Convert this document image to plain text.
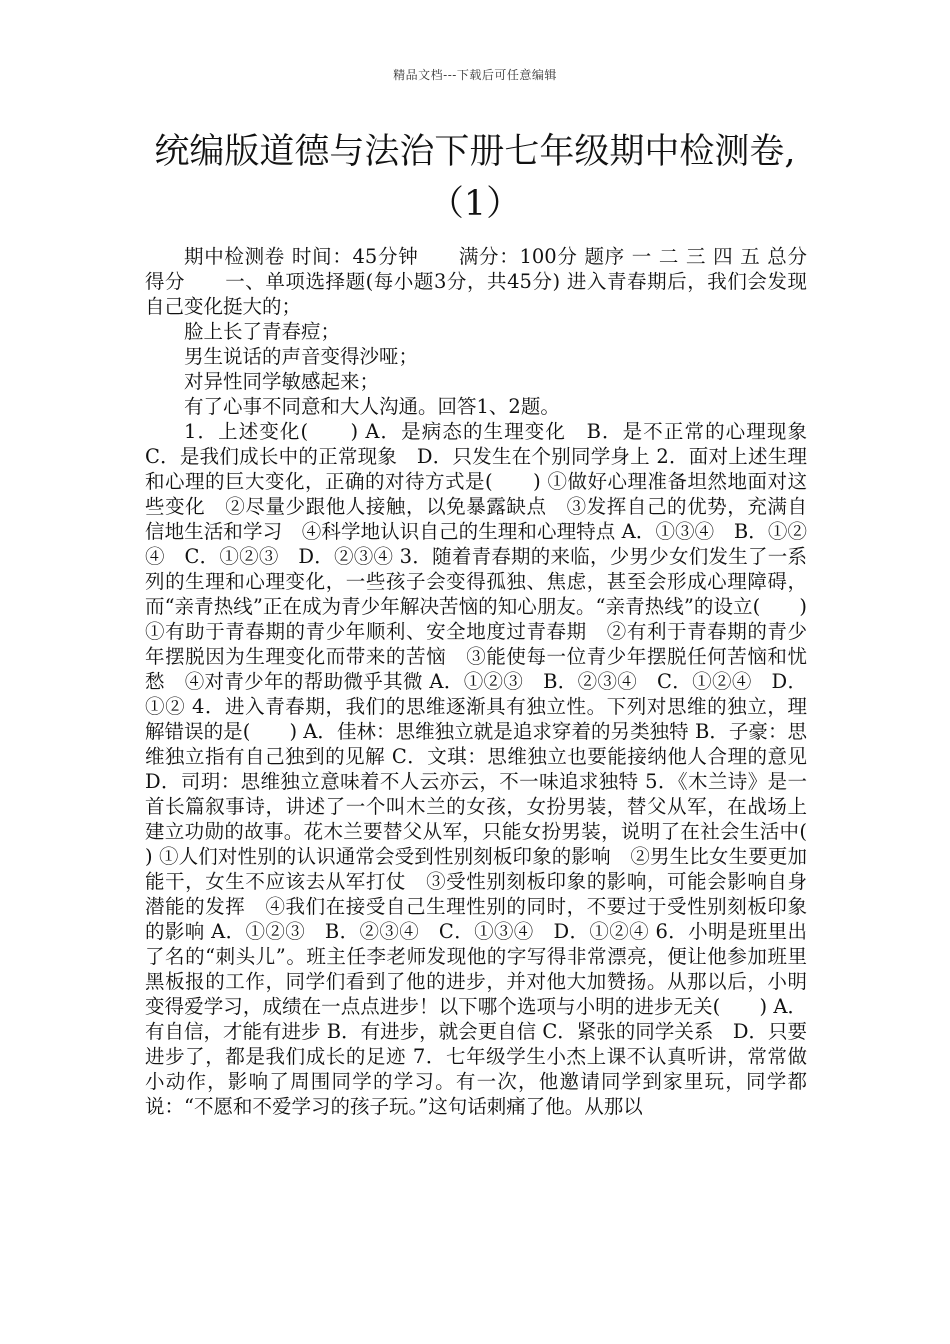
精品文档---下载后可任意编辑
统编版道德与法治下册七年级期中检测卷,（1）

期中检测卷 时间：45分钟　　满分：100分 题序 一 二 三 四 五 总分 得分　　一、单项选择题(每小题3分，共45分) 进入青春期后，我们会发现自己变化挺大的；

脸上长了青春痘；

男生说话的声音变得沙哑；

对异性同学敏感起来；

有了心事不同意和大人沟通。回答1、2题。

1．上述变化(　　) A．是病态的生理变化　B．是不正常的心理现象 C．是我们成长中的正常现象　D．只发生在个别同学身上 2．面对上述生理和心理的巨大变化，正确的对待方式是(　　) ①做好心理准备坦然地面对这些变化　②尽量少跟他人接触，以免暴露缺点　③发挥自己的优势，充满自信地生活和学习　④科学地认识自己的生理和心理特点 A．①③④　B．①②④　C．①②③　D．②③④ 3．随着青春期的来临，少男少女们发生了一系列的生理和心理变化，一些孩子会变得孤独、焦虑，甚至会形成心理障碍，而“亲青热线”正在成为青少年解决苦恼的知心朋友。“亲青热线”的设立(　　) ①有助于青春期的青少年顺利、安全地度过青春期　②有利于青春期的青少年摆脱因为生理变化而带来的苦恼　③能使每一位青少年摆脱任何苦恼和忧愁　④对青少年的帮助微乎其微 A．①②③　B．②③④　C．①②④　D．①② 4．进入青春期，我们的思维逐渐具有独立性。下列对思维的独立，理解错误的是(　　) A．佳林：思维独立就是追求穿着的另类独特 B．子豪：思维独立指有自己独到的见解 C．文琪：思维独立也要能接纳他人合理的意见 D．司玥：思维独立意味着不人云亦云，不一味追求独特 5．《木兰诗》是一首长篇叙事诗，讲述了一个叫木兰的女孩，女扮男装，替父从军，在战场上建立功勋的故事。花木兰要替父从军，只能女扮男装，说明了在社会生活中(　　) ①人们对性别的认识通常会受到性别刻板印象的影响　②男生比女生要更加能干，女生不应该去从军打仗　③受性别刻板印象的影响，可能会影响自身潜能的发挥　④我们在接受自己生理性别的同时，不要过于受性别刻板印象的影响 A．①②③　B．②③④　C．①③④　D．①②④ 6．小明是班里出了名的“刺头儿”。班主任李老师发现他的字写得非常漂亮，便让他参加班里黑板报的工作，同学们看到了他的进步，并对他大加赞扬。从那以后，小明变得爱学习，成绩在一点点进步！以下哪个选项与小明的进步无关(　　) A．有自信，才能有进步 B．有进步，就会更自信 C．紧张的同学关系　D．只要进步了，都是我们成长的足迹 7．七年级学生小杰上课不认真听讲，常常做小动作，影响了周围同学的学习。有一次，他邀请同学到家里玩，同学都说：“不愿和不爱学习的孩子玩。”这句话刺痛了他。从那以
